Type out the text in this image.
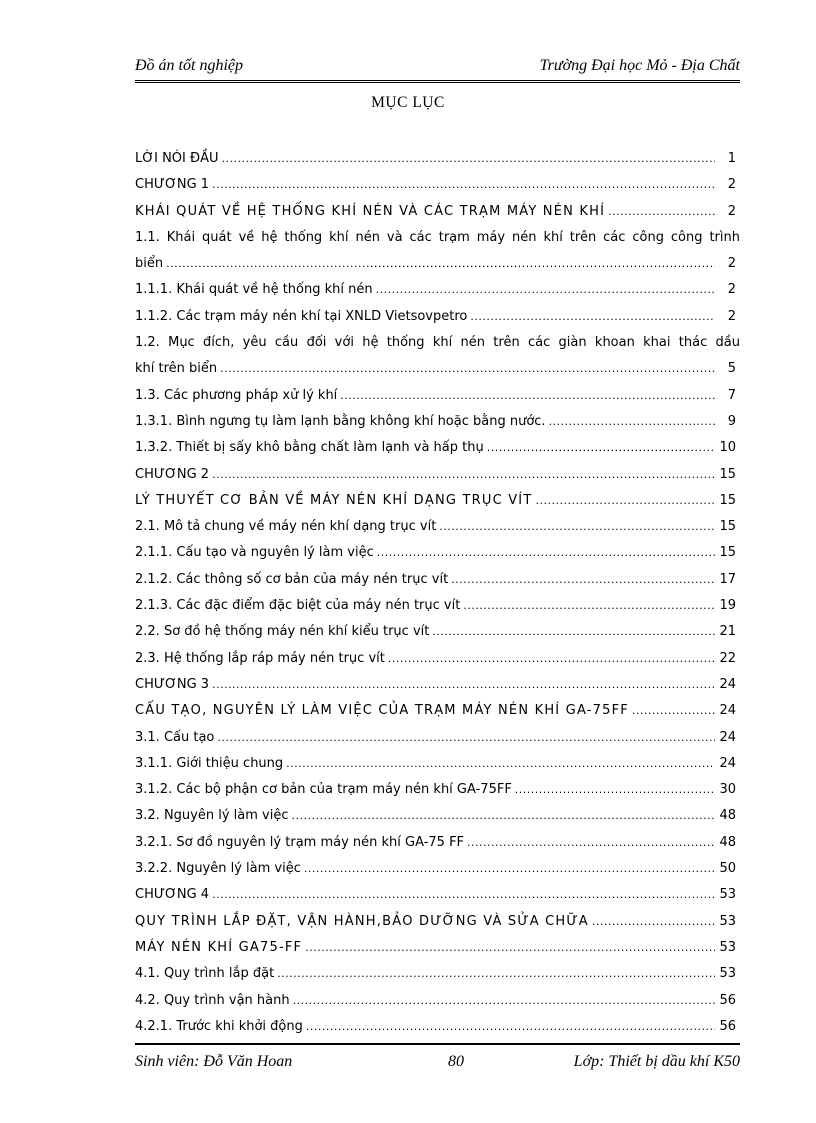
Đồ án tốt nghiệp	Trường Đại học Mỏ - Địa Chất
MỤC LỤC
LỜI NÓI ĐẦU .....	1
CHƯƠNG 1 .....	2
KHÁI QUÁT VỀ HỆ THỐNG KHÍ NÉN VÀ CÁC TRẠM MÁY NÉN KHÍ .....	2
1.1. Khái quát về hệ thống khí nén và các trạm máy nén khí trên các công công trình
biển .....	2
1.1.1. Khái quát về hệ thống khí nén .....	2
1.1.2. Các trạm máy nén khí tại XNLD Vietsovpetro .....	2
1.2. Mục đích, yêu cầu đối với hệ thống khí nén trên các giàn khoan khai thác dầu
khí trên biển .....	5
1.3. Các phương pháp xử lý khí .....	7
1.3.1. Bình ngưng tụ làm lạnh bằng không khí hoặc bằng nước. .....	9
1.3.2. Thiết bị sấy khô bằng chất làm lạnh và hấp thụ .....	10
CHƯƠNG 2 .....	15
LÝ THUYẾT CƠ BẢN VỀ MÁY NÉN KHÍ DẠNG TRỤC VÍT .....	15
2.1. Mô tả chung về máy nén khí dạng trục vít .....	15
2.1.1. Cấu tạo và nguyên lý làm việc .....	15
2.1.2. Các thông số cơ bản của máy nén trục vít .....	17
2.1.3. Các đặc điểm đặc biệt của máy nén trục vít .....	19
2.2. Sơ đồ hệ thống máy nén khí kiểu trục vít .....	21
2.3. Hệ thống lắp ráp máy nén trục vít .....	22
CHƯƠNG 3 .....	24
CẤU TẠO, NGUYÊN LÝ LÀM VIỆC CỦA TRẠM MÁY NÉN KHÍ GA-75FF .....	24
3.1. Cấu tạo .....	24
3.1.1. Giới thiệu chung .....	24
3.1.2. Các bộ phận cơ bản của trạm máy nén khí GA-75FF .....	30
3.2. Nguyên lý làm việc .....	48
3.2.1. Sơ đồ nguyên lý trạm máy nén khí GA-75 FF .....	48
3.2.2. Nguyên lý làm việc .....	50
CHƯƠNG 4 .....	53
QUY TRÌNH LẮP ĐẶT, VẬN HÀNH,BẢO DƯỠNG VÀ SỬA CHỮA .....	53
MÁY NÉN KHÍ GA75-FF .....	53
4.1. Quy trình lắp đặt .....	53
4.2. Quy trình vận hành .....	56
4.2.1. Trước khi khởi động .....	56
Sinh viên: Đỗ Văn Hoan	80	Lớp: Thiết bị dầu khí K50
